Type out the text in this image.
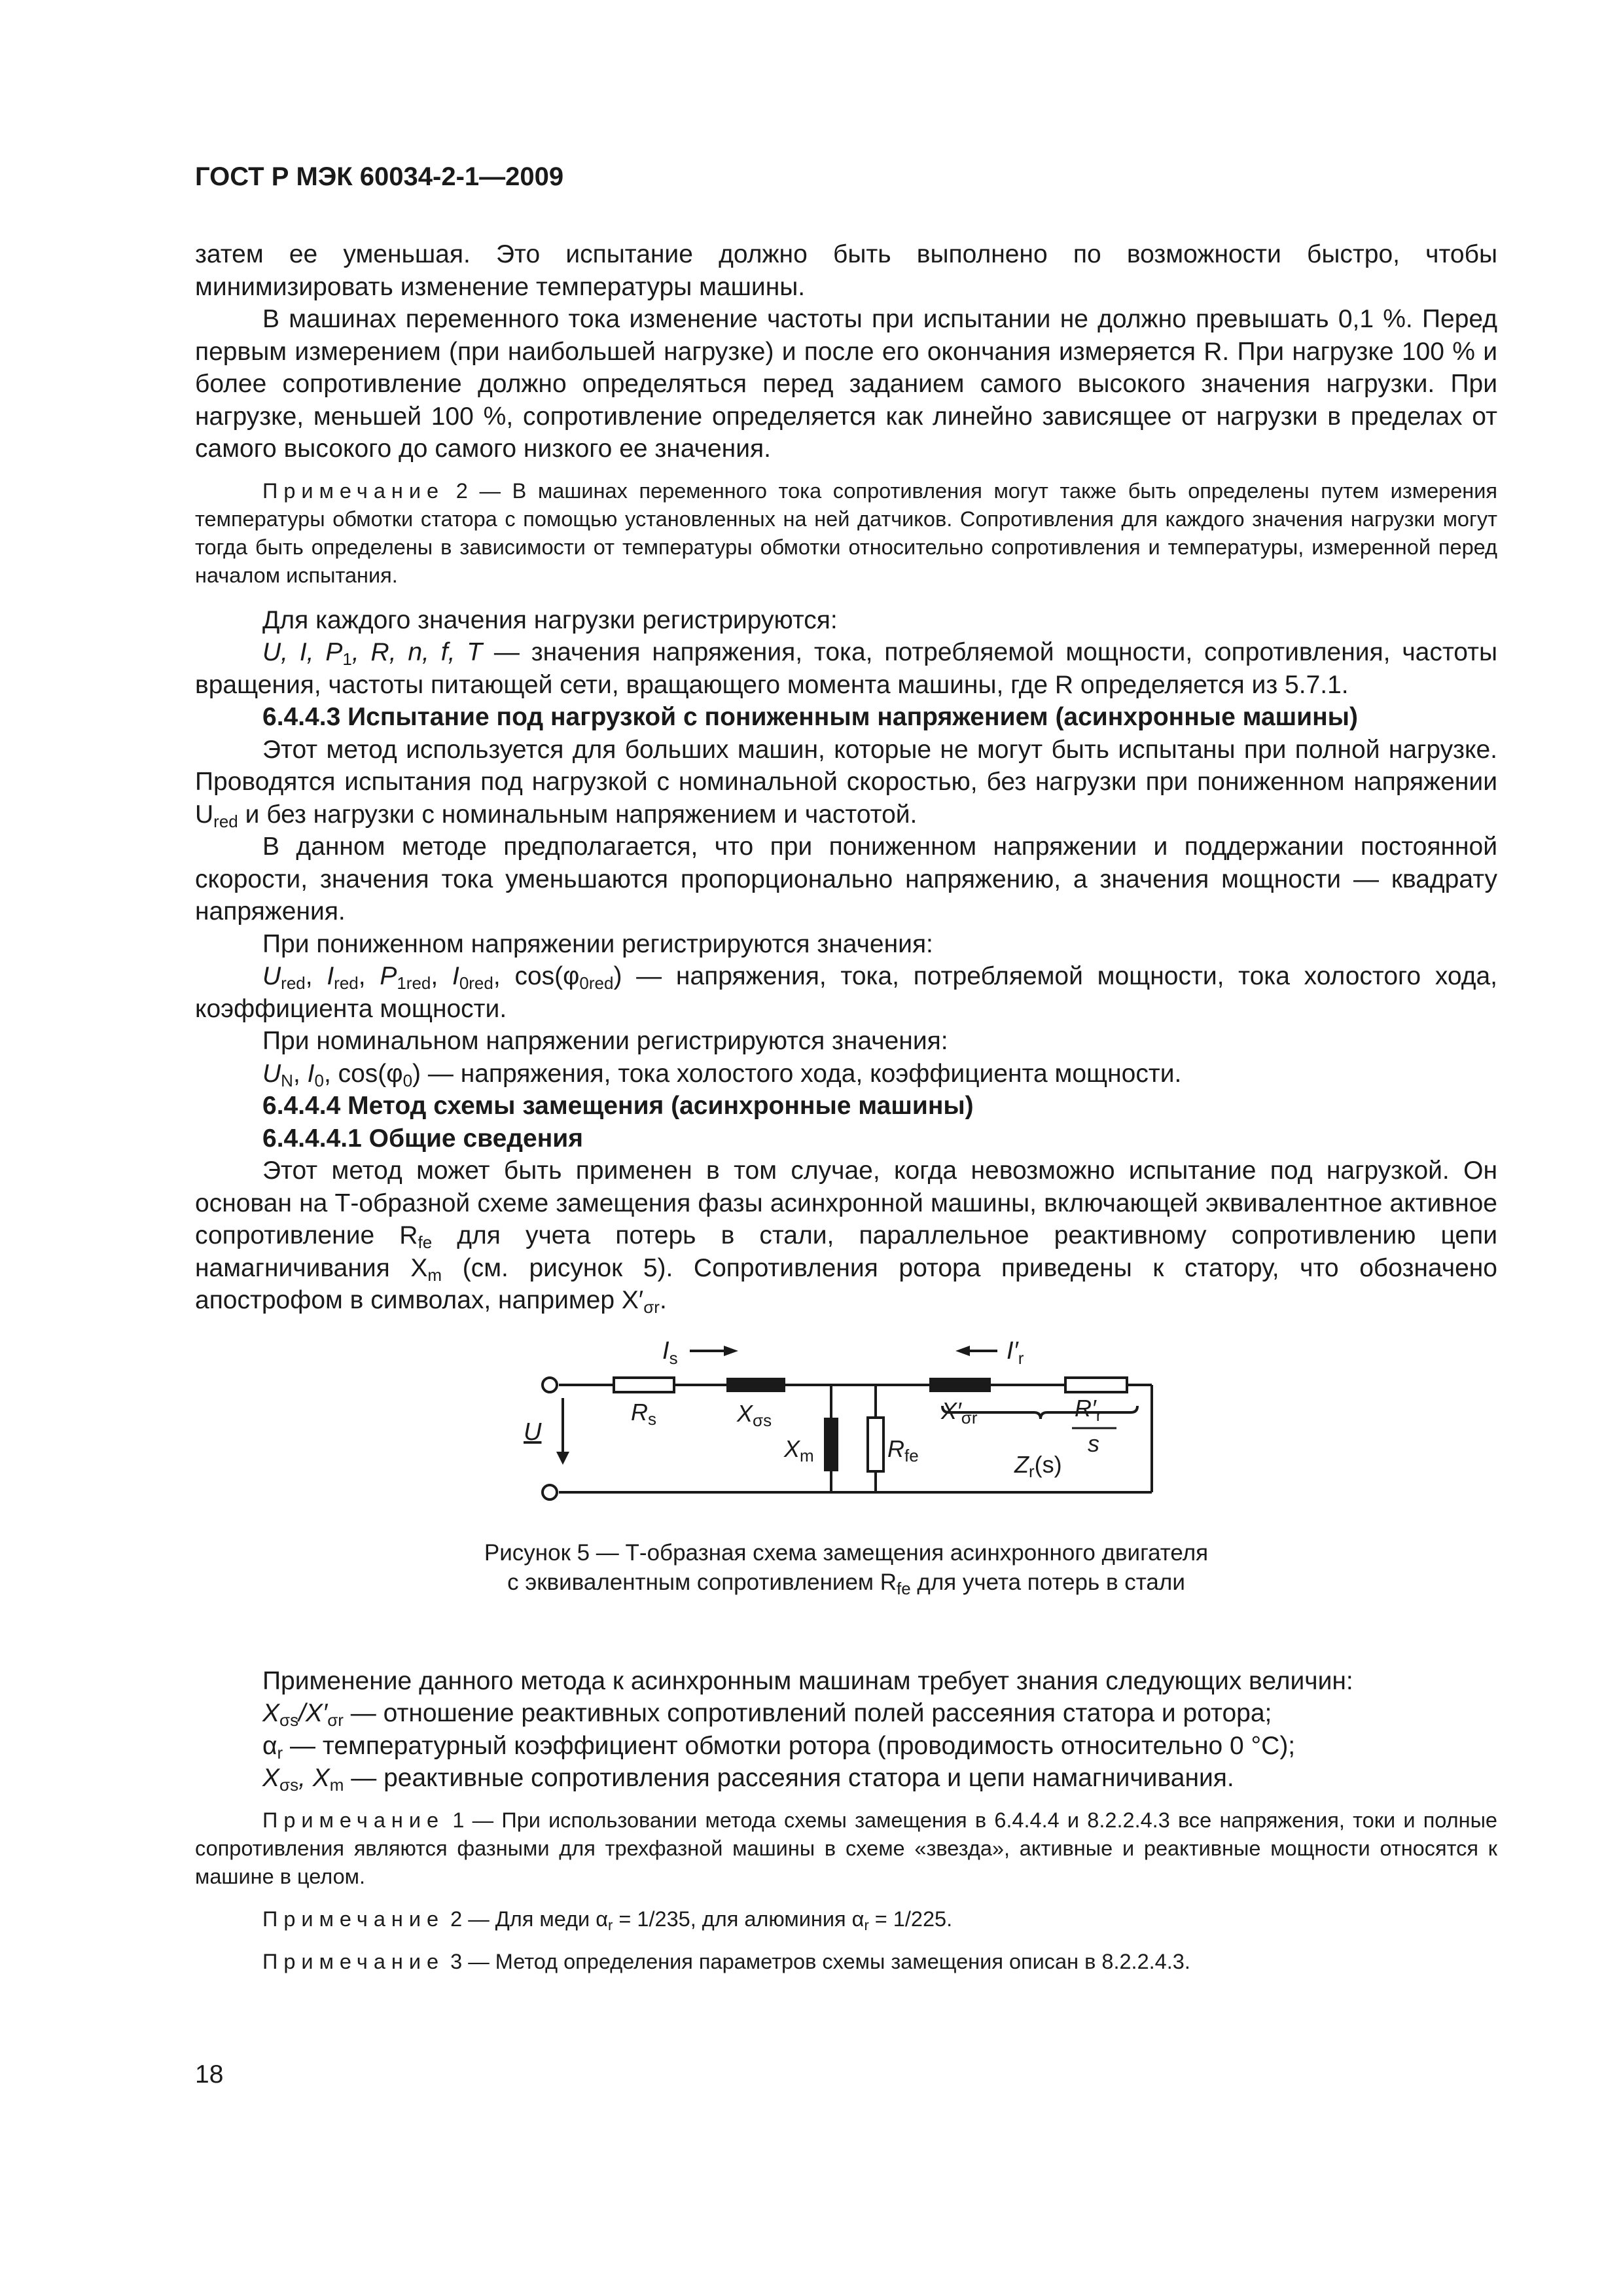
ГОСТ Р МЭК 60034-2-1—2009

затем ее уменьшая. Это испытание должно быть выполнено по возможности быстро, чтобы минимизировать изменение температуры машины.

В машинах переменного тока изменение частоты при испытании не должно превышать 0,1 %. Перед первым измерением (при наибольшей нагрузке) и после его окончания измеряется R. При нагрузке 100 % и более сопротивление должно определяться перед заданием самого высокого значения нагрузки. При нагрузке, меньшей 100 %, сопротивление определяется как линейно зависящее от нагрузки в пределах от самого высокого до самого низкого ее значения.

Примечание 2 — В машинах переменного тока сопротивления могут также быть определены путем измерения температуры обмотки статора с помощью установленных на ней датчиков. Сопротивления для каждого значения нагрузки могут тогда быть определены в зависимости от температуры обмотки относительно сопротивления и температуры, измеренной перед началом испытания.

Для каждого значения нагрузки регистрируются:

U, I, $P_1$, R, n, f, T — значения напряжения, тока, потребляемой мощности, сопротивления, частоты вращения, частоты питающей сети, вращающего момента машины, где R определяется из 5.7.1.

6.4.4.3 Испытание под нагрузкой с пониженным напряжением (асинхронные машины)

Этот метод используется для больших машин, которые не могут быть испытаны при полной нагрузке. Проводятся испытания под нагрузкой с номинальной скоростью, без нагрузки при пониженном напряжении $U_{red}$ и без нагрузки с номинальным напряжением и частотой.

В данном методе предполагается, что при пониженном напряжении и поддержании постоянной скорости, значения тока уменьшаются пропорционально напряжению, а значения мощности — квадрату напряжения.

При пониженном напряжении регистрируются значения:

$U_{red}$, $I_{red}$, $P_{1red}$, $I_{0red}$, $\cos(\varphi_{0red})$ — напряжения, тока, потребляемой мощности, тока холостого хода, коэффициента мощности.

При номинальном напряжении регистрируются значения:

$U_N$, $I_0$, $\cos(\varphi_0)$ — напряжения, тока холостого хода, коэффициента мощности.

6.4.4.4 Метод схемы замещения (асинхронные машины)

6.4.4.4.1 Общие сведения

Этот метод может быть применен в том случае, когда невозможно испытание под нагрузкой. Он основан на Т-образной схеме замещения фазы асинхронной машины, включающей эквивалентное активное сопротивление $R_{fe}$ для учета потерь в стали, параллельное реактивному сопротивлению цепи намагничивания $X_m$ (см. рисунок 5). Сопротивления ротора приведены к статору, что обозначено апострофом в символах, например $X'_{\sigma r}$.

$I_s$	$I'_r$
Rs	Xσs
Xm	Rfe
X′σr	R′r
s
Zr(s)
U
Рисунок 5 — Т-образная схема замещения асинхронного двигателя
с эквивалентным сопротивлением $R_{fe}$ для учета потерь в стали

Применение данного метода к асинхронным машинам требует знания следующих величин:

$X_{\sigma s}/X'_{\sigma r}$ — отношение реактивных сопротивлений полей рассеяния статора и ротора;

$\alpha_r$ — температурный коэффициент обмотки ротора (проводимость относительно 0 °C);

$X_{\sigma s}$, $X_m$ — реактивные сопротивления рассеяния статора и цепи намагничивания.

Примечание 1 — При использовании метода схемы замещения в 6.4.4.4 и 8.2.2.4.3 все напряжения, токи и полные сопротивления являются фазными для трехфазной машины в схеме «звезда», активные и реактивные мощности относятся к машине в целом.

Примечание 2 — Для меди $\alpha_r = 1/235$, для алюминия $\alpha_r = 1/225$.

Примечание 3 — Метод определения параметров схемы замещения описан в 8.2.2.4.3.

18
